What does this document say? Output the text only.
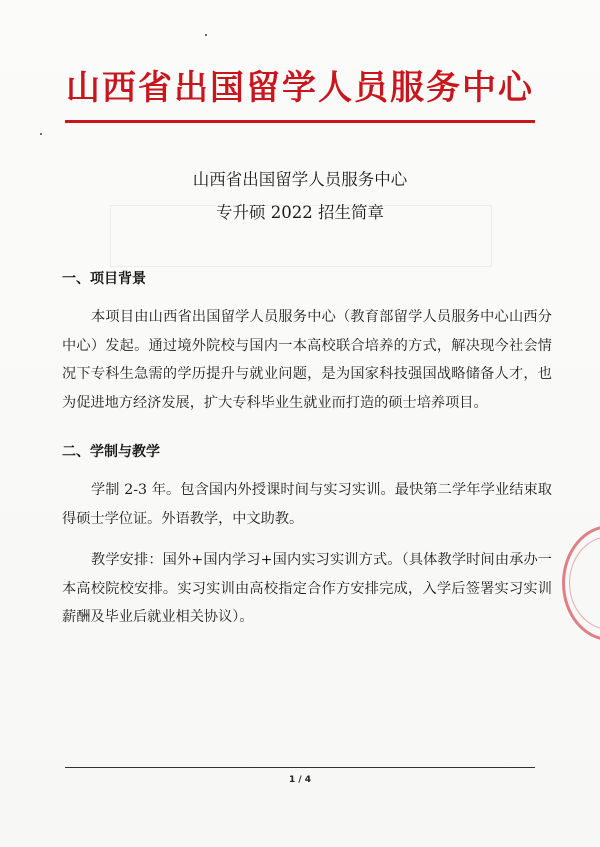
山西省出国留学人员服务中心
山西省出国留学人员服务中心
专升硕 2022 招生简章
一、项目背景
本项目由山西省出国留学人员服务中心（教育部留学人员服务中心山西分中心）发起。通过境外院校与国内一本高校联合培养的方式，解决现今社会情况下专科生急需的学历提升与就业问题，是为国家科技强国战略储备人才，也为促进地方经济发展，扩大专科毕业生就业而打造的硕士培养项目。
二、学制与教学
学制 2-3 年。包含国内外授课时间与实习实训。最快第二学年学业结束取得硕士学位证。外语教学，中文助教。
教学安排：国外+国内学习+国内实习实训方式。（具体教学时间由承办一本高校院校安排。实习实训由高校指定合作方安排完成，入学后签署实习实训薪酬及毕业后就业相关协议）。
1 / 4
